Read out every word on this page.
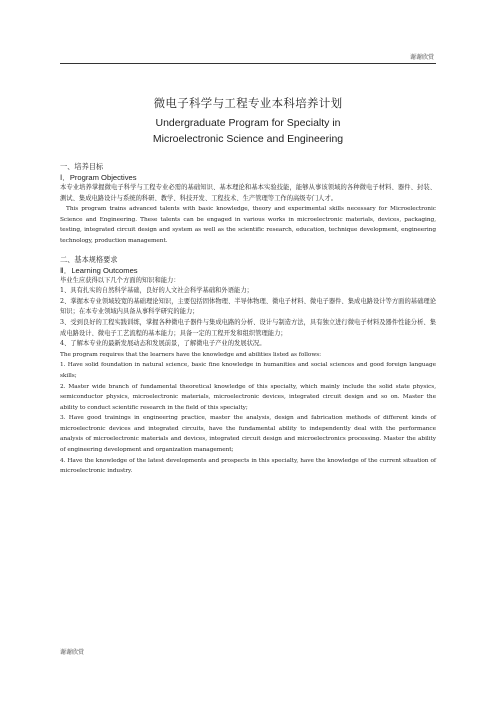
谢谢欣赏
微电子科学与工程专业本科培养计划
Undergraduate Program for Specialty in
Microelectronic Science and Engineering
一、培养目标
Ⅰ．Program Objectives

本专业培养掌握微电子科学与工程专业必需的基础知识、基本理论和基本实验技能，能够从事该领域的各种微电子材料、器件、封装、测试、集成电路设计与系统的科研、教学、科技开发、工程技术、生产管理等工作的高级专门人才。

This program trains advanced talents with basic knowledge, theory and experimental skills necessary for Microelectronic Science and Engineering. These talents can be engaged in various works in microelectronic materials, devices, packaging, testing, integrated circuit design and system as well as the scientific research, education, technique development, engineering technology, production management.

二、基本规格要求
Ⅱ．Learning Outcomes

毕业生应获得以下几个方面的知识和能力：

1、具有扎实的自然科学基础，良好的人文社会科学基础和外语能力；

2、掌握本专业领域较宽的基础理论知识，主要包括固体物理、半导体物理、微电子材料、微电子器件、集成电路设计等方面的基础理论知识；在本专业领域内具备从事科学研究的能力；

3、受到良好的工程实践训练，掌握各种微电子器件与集成电路的分析、设计与制造方法，具有独立进行微电子材料及器件性能分析、集成电路设计、微电子工艺流程的基本能力；具备一定的工程开发和组织管理能力；

4、了解本专业的最新发展动态和发展前景，了解微电子产业的发展状况。

The program requires that the learners have the knowledge and abilities listed as follows:

1. Have solid foundation in natural science, basic fine knowledge in humanities and social sciences and good foreign language skills;

2. Master wide branch of fundamental theoretical knowledge of this specialty, which mainly include the solid state physics, semiconductor physics, microelectronic materials, microelectronic devices, integrated circuit design and so on. Master the ability to conduct scientific research in the field of this specialty;

3. Have good trainings in engineering practice, master the analysis, design and fabrication methods of different kinds of microelectronic devices and integrated circuits, have the fundamental ability to independently deal with the performance analysis of microelectronic materials and devices, integrated circuit design and microelectronics processing. Master the ability of engineering development and organization management;

4. Have the knowledge of the latest developments and prospects in this specialty, have the knowledge of the current situation of microelectronic industry.

谢谢欣赏
